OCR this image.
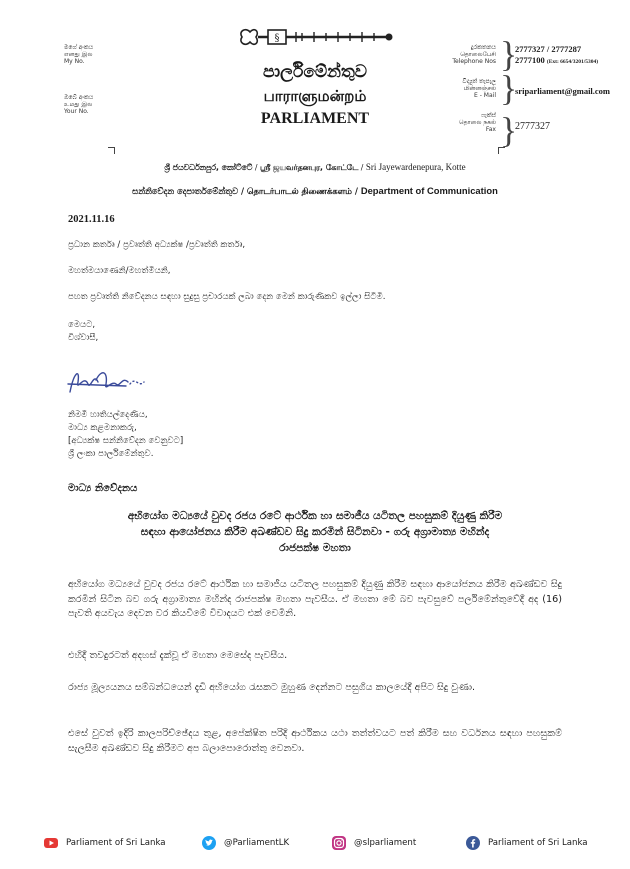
මගේ අංකය
எனது இல
My No.
ඔබේ අංකය
உமது இல
Your No.
§
පාර්ලිමේන්තුව
பாராளுமன்றம்
PARLIAMENT
දුරකතනය
தொலைபேசி
Telephone Nos }
2777327 / 2777287
2777100 (Ext: 6654/3201/5304)
විද්‍යුත් තැපැල
மின்னஞ்சல்
E - Mail }
sriparliament@gmail.com
ෆැක්ස්
தொலை நகல்
Fax }
2777327
ශ්‍රී ජයවර්ධනපුර, කෝට්ටේ / ஸ்ரீ ஜயவர்தனபுர, கோட்டே / Sri Jayewardenepura, Kotte
සන්නිවේදන දෙපාර්තමේන්තුව / தொடர்பாடல் திணைக்களம் / Department of Communication
2021.11.16
ප්‍රධාන කර්තෘ / ප්‍රවෘත්ති අධ්‍යක්ෂ /ප්‍රවෘත්ති කර්තෘ,
මහත්මයාණෙනි/මහත්මියනි,
පහත ප්‍රවෘත්ති නිවේදනය සඳහා සුදුසු ප්‍රචාරයක් ලබා දෙන මෙන් කාරුණිකව ඉල්ලා සිටිමි.
මෙයට,
විශ්වාසී,
නිමමී හාතියල්දෙණිය,
මාධ්‍ය කළමනාකරු,
[අධ්‍යක්ෂ සන්නිවේදන වෙනුවට]
ශ්‍රී ලංකා පාර්ලිමේන්තුව.
මාධ්‍ය නිවේදනය
අභියෝග මධ්‍යයේ වුවද රජය රටේ ආර්ථික හා සමාජීය යටිතල පහසුකම් දියුණු කිරීම
සඳහා ආයෝජනය කිරීම අඛණ්ඩව සිදු කරමින් සිටිනවා - ගරු අග්‍රාමාත්‍ය මහින්ද
රාජපක්ෂ මහතා
අභියෝග මධ්‍යයේ වුවද රජය රටේ ආර්ථික හා සමාජීය යටිතල පහසුකම් දියුණු කිරීම සඳහා ආයෝජනය කිරීම අඛණ්ඩව සිදු කරමින් සිටින බව ගරු අග්‍රාමාත්‍ය මහින්ද රාජපක්ෂ මහතා පැවසීය. ඒ මහතා මේ බව පැවසුවේ පර්ලිමේන්තුවේදී අද (16) පැවති අයවැය දෙවන වර කියවීමේ විවාදයට එක් වෙමිනි.
එහිදී තවදුරටත් අදහස් දැක්වූ ඒ මහතා මෙසේද පැවසීය.
රාජ්‍ය මූල්‍යයනය සම්බන්ධයෙන් දැඩි අභියෝග රැසකට මුහුණ දෙන්නට පසුගිය කාලයේදී අපිට සිදු වුණා.
එසේ වුවත් ඉදිරි කාලපරිච්ඡේදය තුළ, අපේක්ෂිත පරිදි ආර්ථිකය යථා තත්ත්වයට පත් කිරීම සහ වර්ධනය සඳහා පහසුකම් සැලසීම අඛණ්ඩව සිදු කිරීමට අප බලාපොරොත්තු වෙනවා.
Parliament of Sri Lanka	@ParliamentLK	@slparliament	Parliament of Sri Lanka
